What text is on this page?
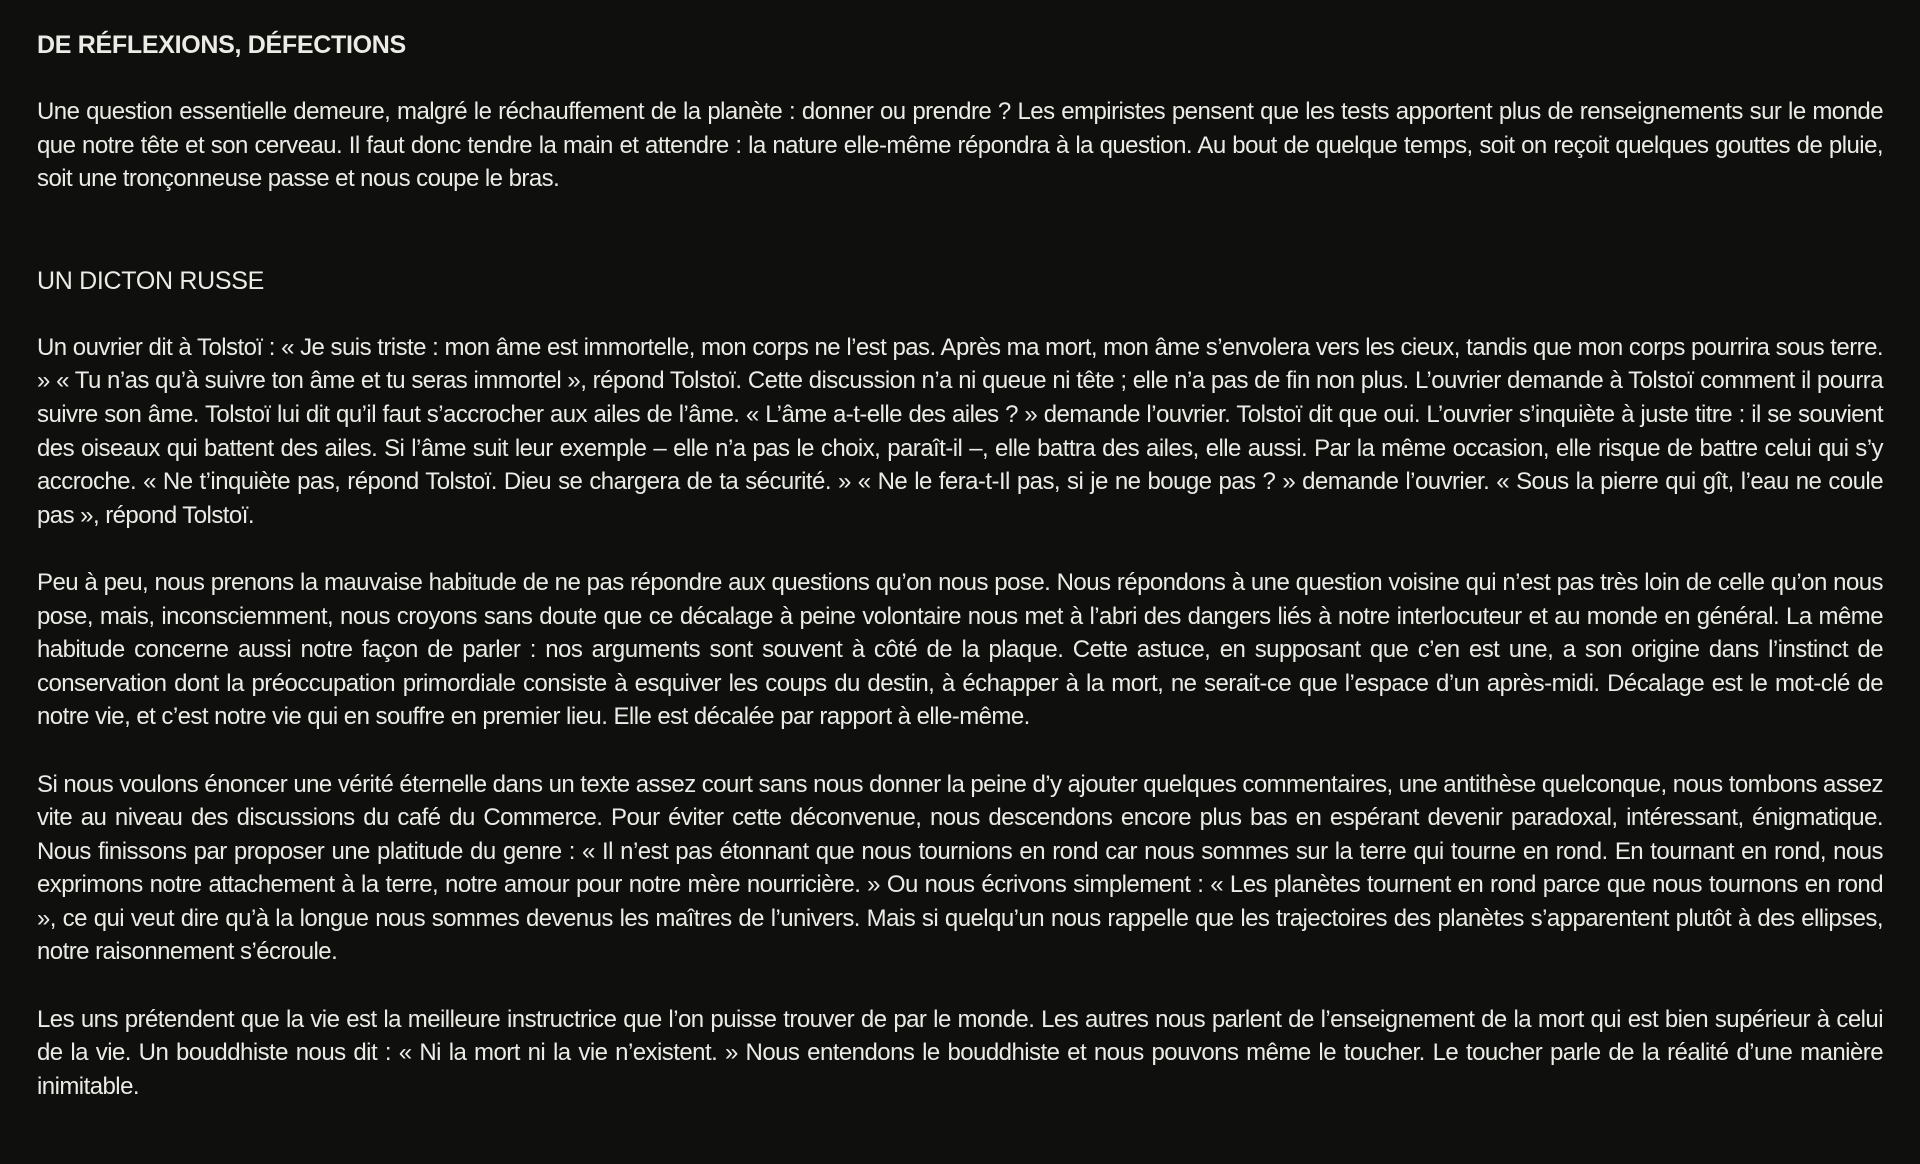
DE RÉFLEXIONS, DÉFECTIONS

Une question essentielle demeure, malgré le réchauffement de la planète : donner ou prendre ? Les empiristes pensent que les tests apportent plus de renseignements sur le monde que notre tête et son cerveau. Il faut donc tendre la main et attendre : la nature elle-même répondra à la question. Au bout de quelque temps, soit on reçoit quelques gouttes de pluie, soit une tronçonneuse passe et nous coupe le bras.

UN DICTON RUSSE

Un ouvrier dit à Tolstoï : « Je suis triste : mon âme est immortelle, mon corps ne l’est pas. Après ma mort, mon âme s’envolera vers les cieux, tandis que mon corps pourrira sous terre. » « Tu n’as qu’à suivre ton âme et tu seras immortel », répond Tolstoï. Cette discussion n’a ni queue ni tête ; elle n’a pas de fin non plus. L’ouvrier demande à Tolstoï comment il pourra suivre son âme. Tolstoï lui dit qu’il faut s’accrocher aux ailes de l’âme. « L’âme a-t-elle des ailes ? » demande l’ouvrier. Tolstoï dit que oui. L’ouvrier s’inquiète à juste titre : il se souvient des oiseaux qui battent des ailes. Si l’âme suit leur exemple – elle n’a pas le choix, paraît-il –, elle battra des ailes, elle aussi. Par la même occasion, elle risque de battre celui qui s’y accroche. « Ne t’inquiète pas, répond Tolstoï. Dieu se chargera de ta sécurité. » « Ne le fera-t-Il pas, si je ne bouge pas ? » demande l’ouvrier. « Sous la pierre qui gît, l’eau ne coule pas », répond Tolstoï.

Peu à peu, nous prenons la mauvaise habitude de ne pas répondre aux questions qu’on nous pose. Nous répondons à une question voisine qui n’est pas très loin de celle qu’on nous pose, mais, inconsciemment, nous croyons sans doute que ce décalage à peine volontaire nous met à l’abri des dangers liés à notre interlocuteur et au monde en général. La même habitude concerne aussi notre façon de parler : nos arguments sont souvent à côté de la plaque. Cette astuce, en supposant que c’en est une, a son origine dans l’instinct de conservation dont la préoccupation primordiale consiste à esquiver les coups du destin, à échapper à la mort, ne serait-ce que l’espace d’un après-midi. Décalage est le mot-clé de notre vie, et c’est notre vie qui en souffre en premier lieu. Elle est décalée par rapport à elle-même.

Si nous voulons énoncer une vérité éternelle dans un texte assez court sans nous donner la peine d’y ajouter quelques commentaires, une antithèse quelconque, nous tombons assez vite au niveau des discussions du café du Commerce. Pour éviter cette déconvenue, nous descendons encore plus bas en espérant devenir paradoxal, intéressant, énigmatique. Nous finissons par proposer une platitude du genre : « Il n’est pas étonnant que nous tournions en rond car nous sommes sur la terre qui tourne en rond. En tournant en rond, nous exprimons notre attachement à la terre, notre amour pour notre mère nourricière. » Ou nous écrivons simplement : « Les planètes tournent en rond parce que nous tournons en rond », ce qui veut dire qu’à la longue nous sommes devenus les maîtres de l’univers. Mais si quelqu’un nous rappelle que les trajectoires des planètes s’apparentent plutôt à des ellipses, notre raisonnement s’écroule.

Les uns prétendent que la vie est la meilleure instructrice que l’on puisse trouver de par le monde. Les autres nous parlent de l’enseignement de la mort qui est bien supérieur à celui de la vie. Un bouddhiste nous dit : « Ni la mort ni la vie n’existent. » Nous entendons le bouddhiste et nous pouvons même le toucher. Le toucher parle de la réalité d’une manière inimitable.
